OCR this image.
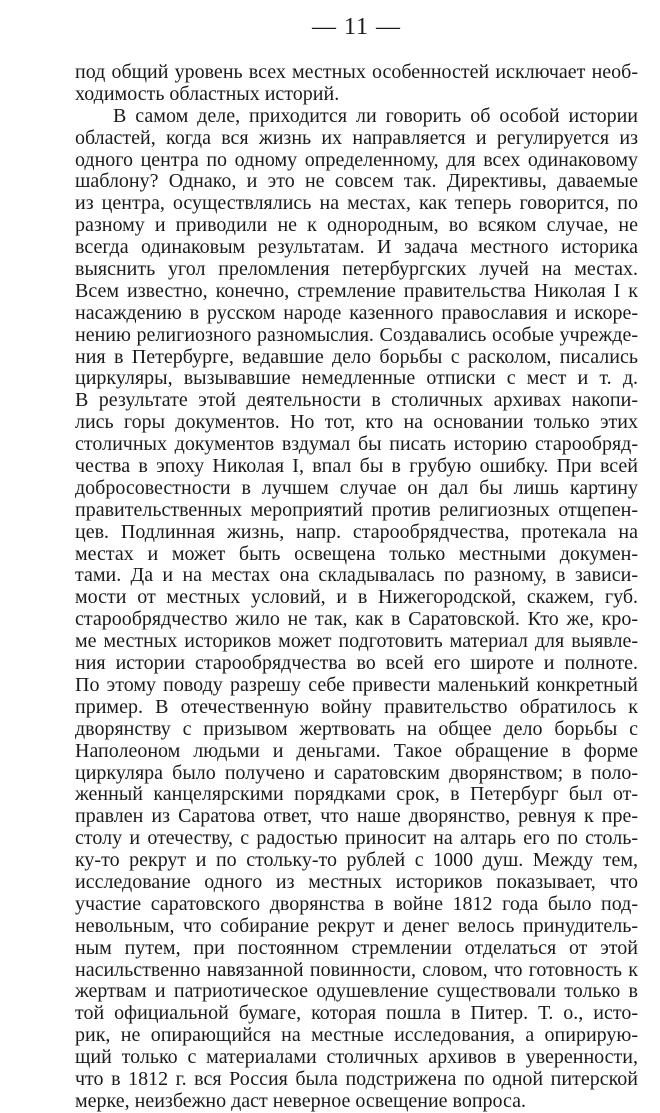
— 11 —
под общий уровень всех местных особенностей исключает необ-
ходимость областных историй.
В самом деле, приходится ли говорить об особой истории
областей, когда вся жизнь их направляется и регулируется из
одного центра по одному определенному, для всех одинаковому
шаблону? Однако, и это не совсем так. Директивы, даваемые
из центра, осуществлялись на местах, как теперь говорится, по
разному и приводили не к однородным, во всяком случае, не
всегда одинаковым результатам. И задача местного историка
выяснить угол преломления петербургских лучей на местах.
Всем известно, конечно, стремление правительства Николая I к
насаждению в русском народе казенного православия и искоре-
нению религиозного разномыслия. Создавались особые учрежде-
ния в Петербурге, ведавшие дело борьбы с расколом, писались
циркуляры, вызывавшие немедленные отписки с мест и т. д.
В результате этой деятельности в столичных архивах накопи-
лись горы документов. Но тот, кто на основании только этих
столичных документов вздумал бы писать историю старообряд-
чества в эпоху Николая I, впал бы в грубую ошибку. При всей
добросовестности в лучшем случае он дал бы лишь картину
правительственных мероприятий против религиозных отщепен-
цев. Подлинная жизнь, напр. старообрядчества, протекала на
местах и может быть освещена только местными докумен-
тами. Да и на местах она складывалась по разному, в зависи-
мости от местных условий, и в Нижегородской, скажем, губ.
старообрядчество жило не так, как в Саратовской. Кто же, кро-
ме местных историков может подготовить материал для выявле-
ния истории старообрядчества во всей его широте и полноте.
По этому поводу разрешу себе привести маленький конкретный
пример. В отечественную войну правительство обратилось к
дворянству с призывом жертвовать на общее дело борьбы с
Наполеоном людьми и деньгами. Такое обращение в форме
циркуляра было получено и саратовским дворянством; в поло-
женный канцелярскими порядками срок, в Петербург был от-
правлен из Саратова ответ, что наше дворянство, ревнуя к пре-
столу и отечеству, с радостью приносит на алтарь его по столь-
ку-то рекрут и по стольку-то рублей с 1000 душ. Между тем,
исследование одного из местных историков показывает, что
участие саратовского дворянства в войне 1812 года было под-
невольным, что собирание рекрут и денег велось принудитель-
ным путем, при постоянном стремлении отделаться от этой
насильственно навязанной повинности, словом, что готовность к
жертвам и патриотическое одушевление существовали только в
той официальной бумаге, которая пошла в Питер. Т. о., исто-
рик, не опирающийся на местные исследования, а опирирую-
щий только с материалами столичных архивов в уверенности,
что в 1812 г. вся Россия была подстрижена по одной питерской
мерке, неизбежно даст неверное освещение вопроса.
